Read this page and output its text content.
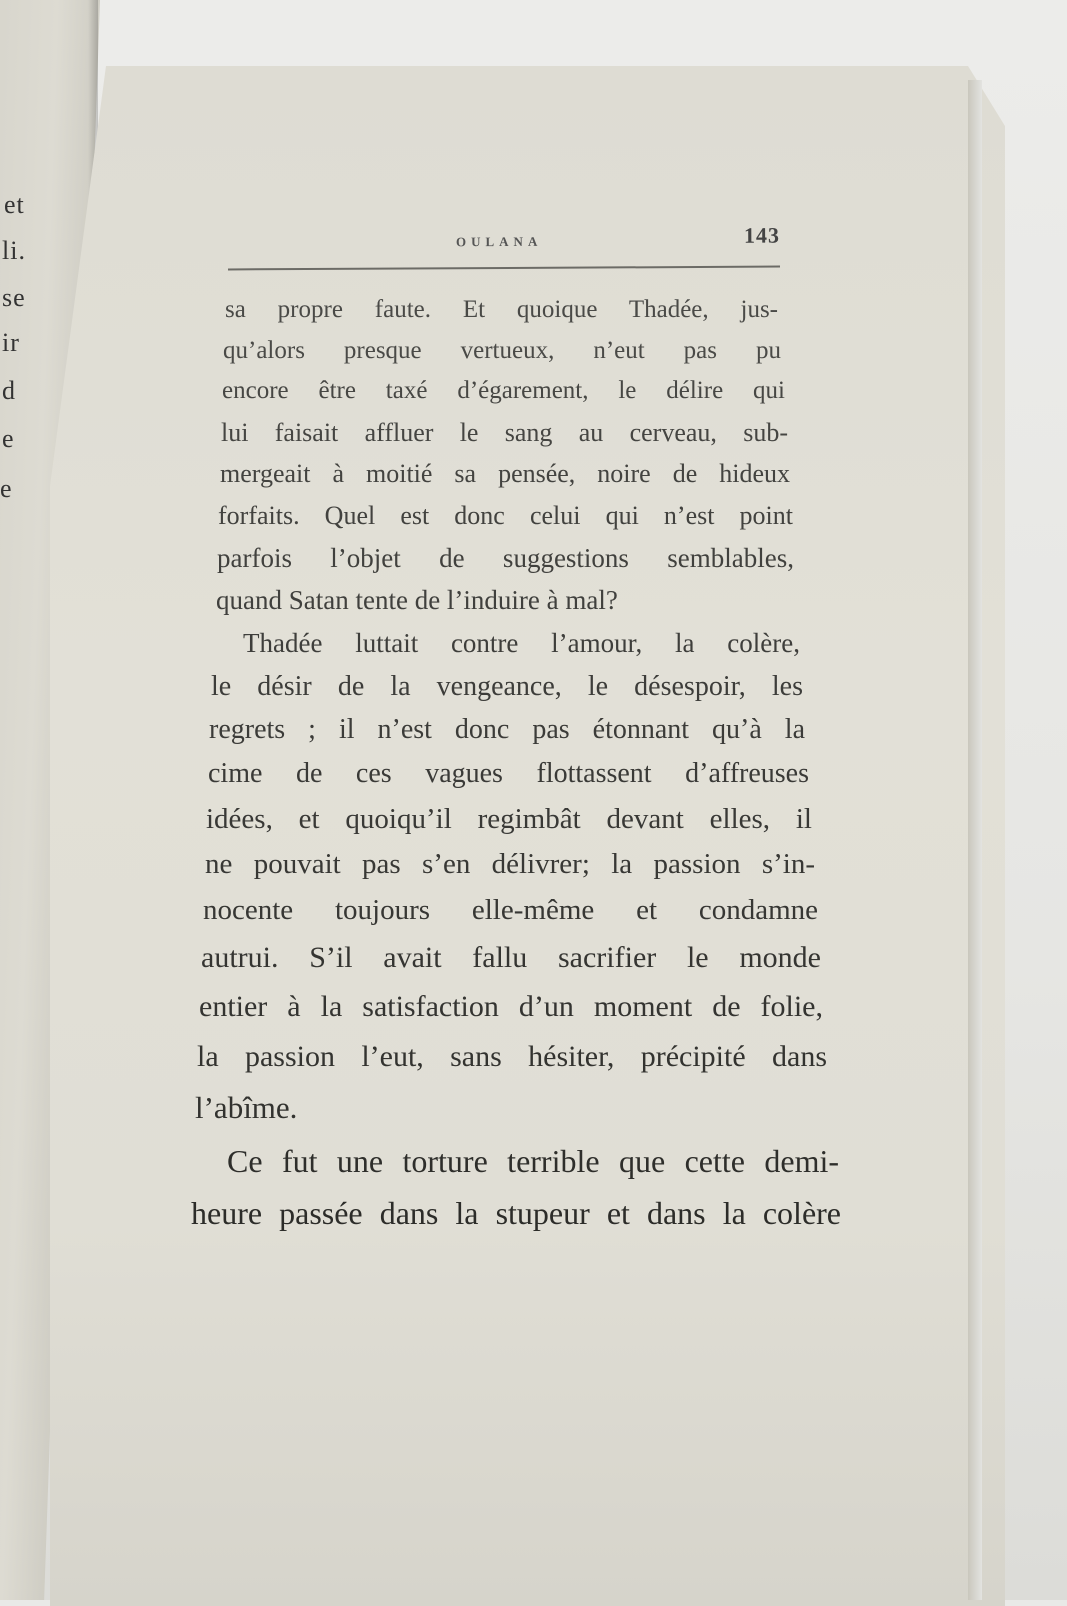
et
li.
se
ir
d
e
e
OULANA	143
sa propre faute. Et quoique Thadée, jus-
qu’alors presque vertueux, n’eut pas pu
encore être taxé d’égarement, le délire qui
lui faisait affluer le sang au cerveau, sub-
mergeait à moitié sa pensée, noire de hideux
forfaits. Quel est donc celui qui n’est point
parfois l’objet de suggestions semblables,
quand Satan tente de l’induire à mal?
Thadée luttait contre l’amour, la colère,
le désir de la vengeance, le désespoir, les
regrets ; il n’est donc pas étonnant qu’à la
cime de ces vagues flottassent d’affreuses
idées, et quoiqu’il regimbât devant elles, il
ne pouvait pas s’en délivrer; la passion s’in-
nocente toujours elle-même et condamne
autrui. S’il avait fallu sacrifier le monde
entier à la satisfaction d’un moment de folie,
la passion l’eut, sans hésiter, précipité dans
l’abîme.
Ce fut une torture terrible que cette demi-
heure passée dans la stupeur et dans la colère
